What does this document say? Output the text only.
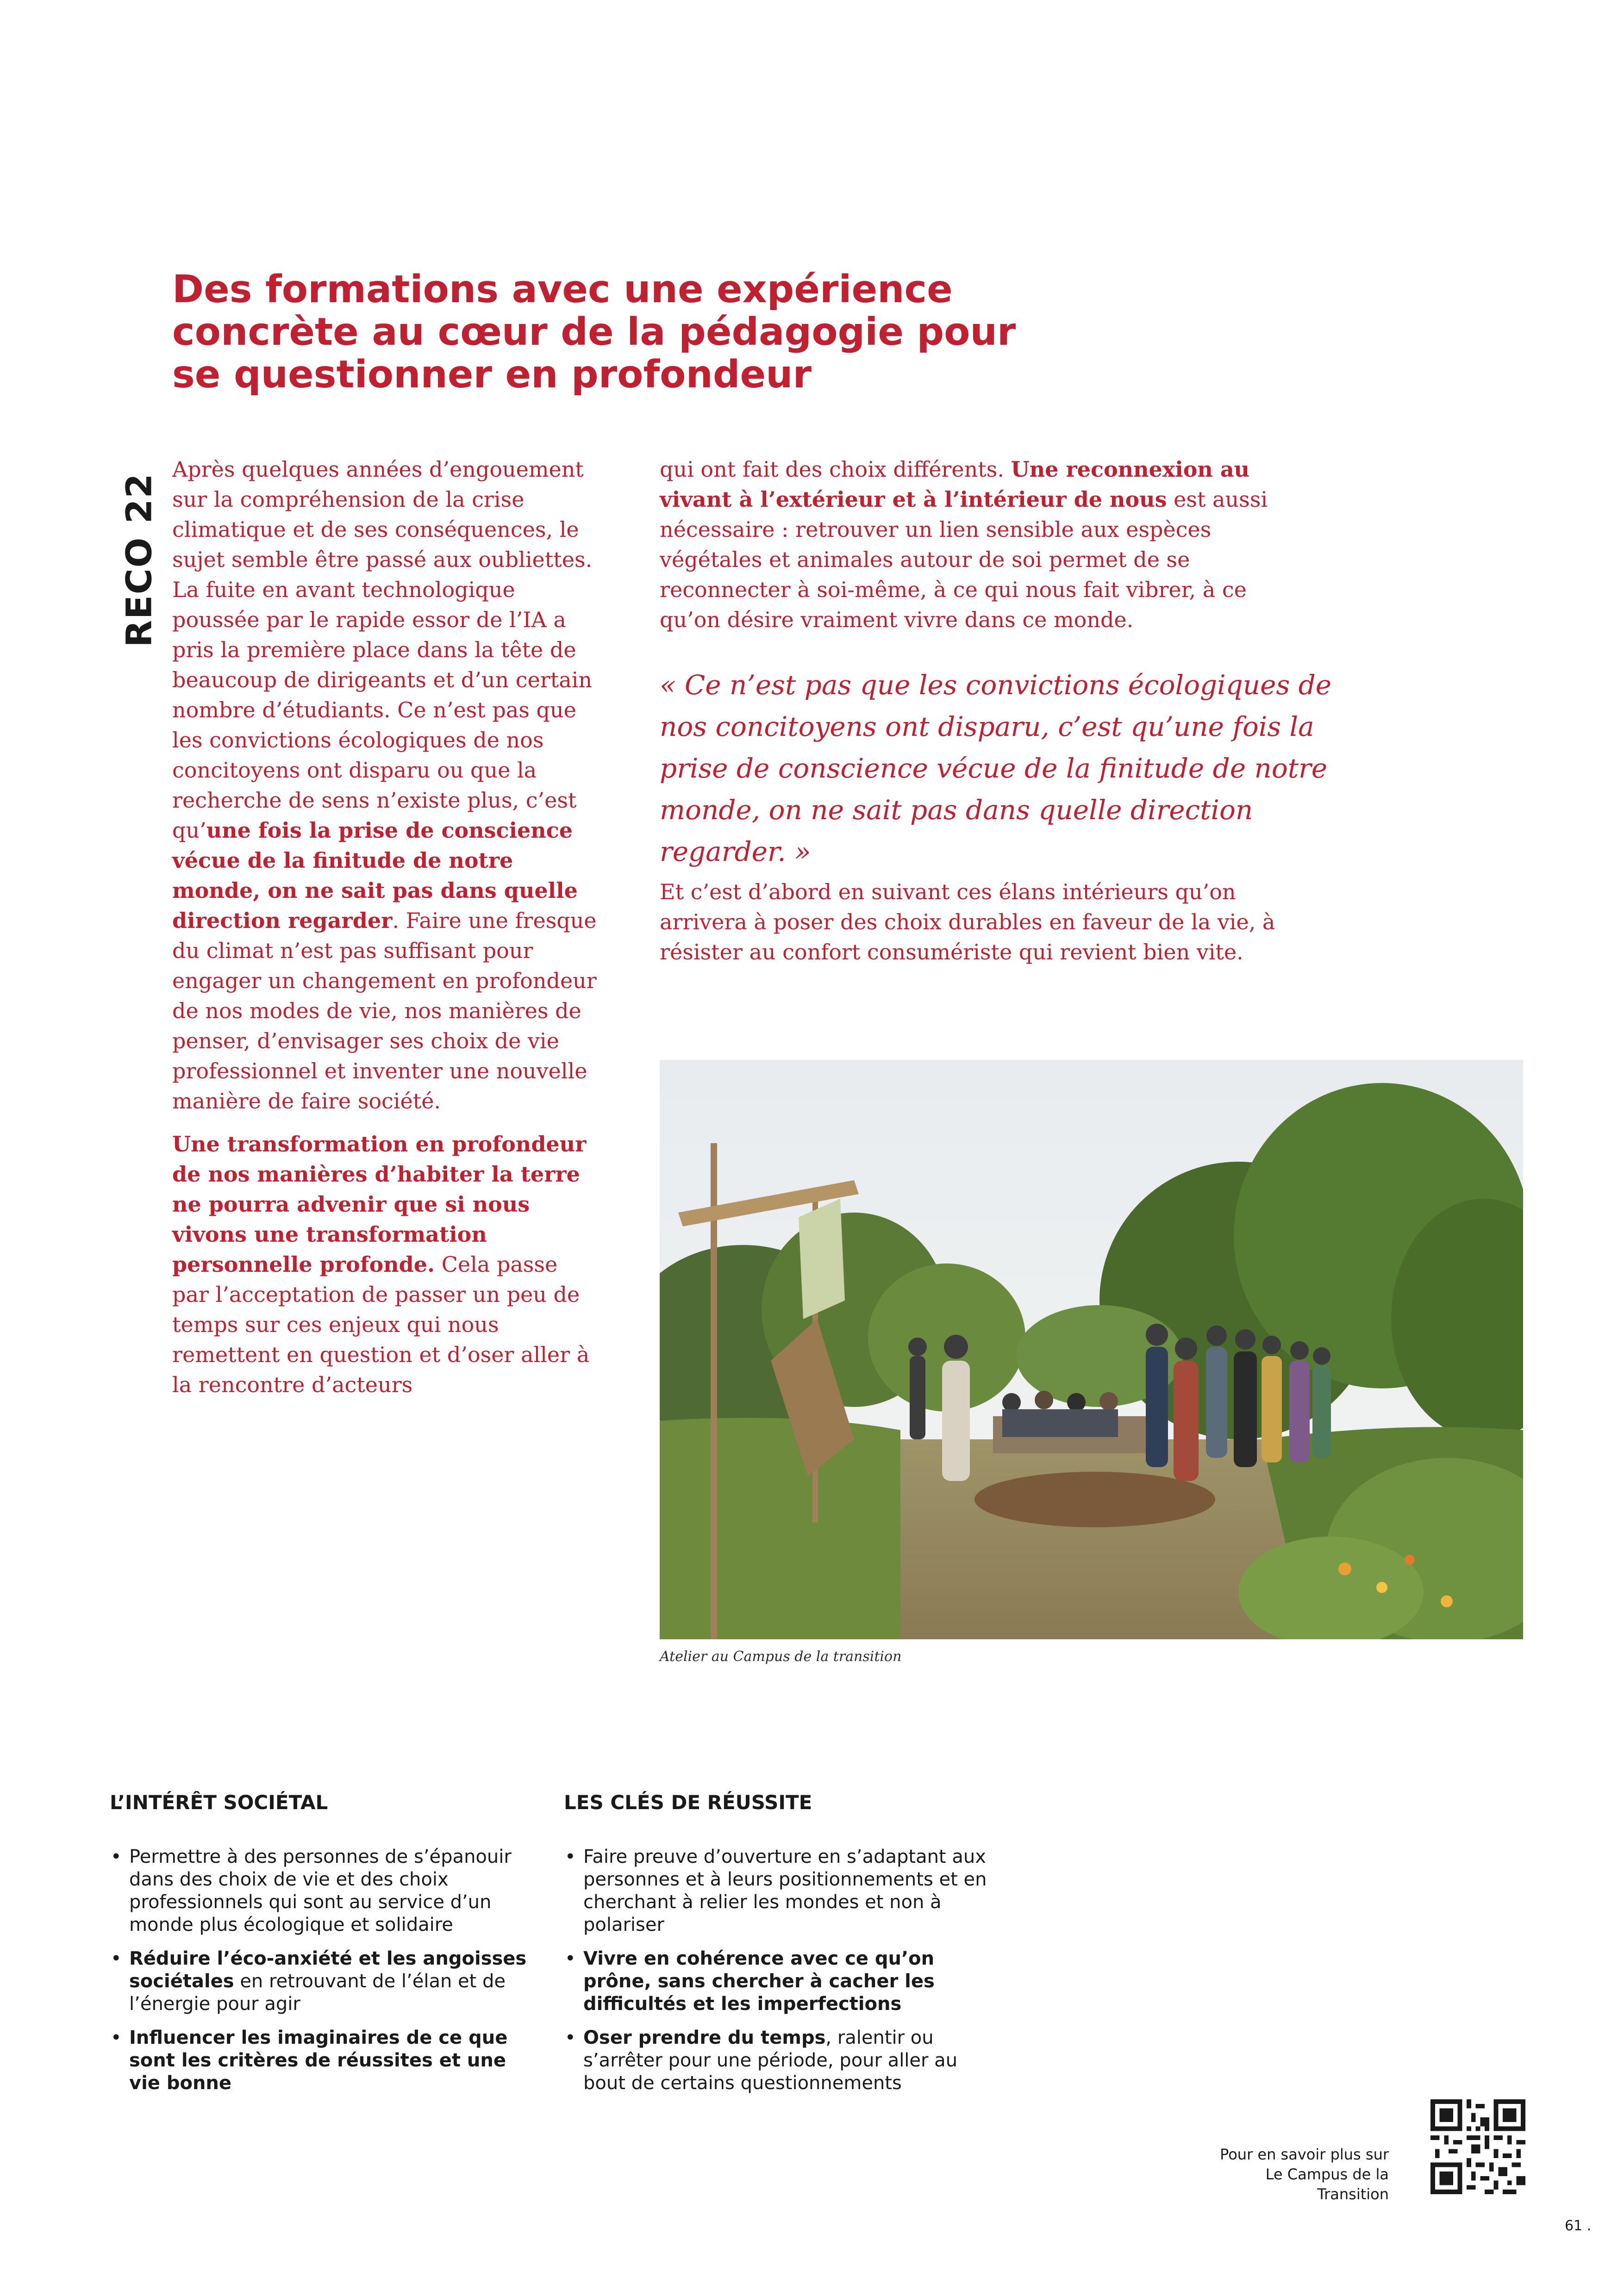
Des formations avec une expérience
concrète au cœur de la pédagogie pour
se questionner en profondeur
RECO 22

Après quelques années d’engouement sur la compréhension de la crise climatique et de ses conséquences, le sujet semble être passé aux oubliettes. La fuite en avant technologique poussée par le rapide essor de l’IA a pris la première place dans la tête de beaucoup de dirigeants et d’un certain nombre d’étudiants. Ce n’est pas que les convictions écologiques de nos concitoyens ont disparu ou que la recherche de sens n’existe plus, c’est qu’une fois la prise de conscience vécue de la finitude de notre monde, on ne sait pas dans quelle direction regarder. Faire une fresque du climat n’est pas suffisant pour engager un changement en profondeur de nos modes de vie, nos manières de penser, d’envisager ses choix de vie professionnel et inventer une nouvelle manière de faire société.

Une transformation en profondeur de nos manières d’habiter la terre ne pourra advenir que si nous vivons une transformation personnelle profonde. Cela passe par l’acceptation de passer un peu de temps sur ces enjeux qui nous remettent en question et d’oser aller à la rencontre d’acteurs

qui ont fait des choix différents. Une reconnexion au vivant à l’extérieur et à l’intérieur de nous est aussi nécessaire : retrouver un lien sensible aux espèces végétales et animales autour de soi permet de se reconnecter à soi-même, à ce qui nous fait vibrer, à ce qu’on désire vraiment vivre dans ce monde.

« Ce n’est pas que les convictions écologiques de nos concitoyens ont disparu, c’est qu’une fois la prise de conscience vécue de la finitude de notre monde, on ne sait pas dans quelle direction regarder. »
Et c’est d’abord en suivant ces élans intérieurs qu’on arrivera à poser des choix durables en faveur de la vie, à résister au confort consumériste qui revient bien vite.
Atelier au Campus de la transition
L’INTÉRÊT SOCIÉTAL
• Permettre à des personnes de s’épanouir dans des choix de vie et des choix professionnels qui sont au service d’un monde plus écologique et solidaire
• Réduire l’éco-anxiété et les angoisses sociétales en retrouvant de l’élan et de l’énergie pour agir
• Influencer les imaginaires de ce que sont les critères de réussites et une vie bonne
LES CLÉS DE RÉUSSITE
• Faire preuve d’ouverture en s’adaptant aux personnes et à leurs positionnements et en cherchant à relier les mondes et non à polariser
• Vivre en cohérence avec ce qu’on prône, sans chercher à cacher les difficultés et les imperfections
• Oser prendre du temps, ralentir ou s’arrêter pour une période, pour aller au bout de certains questionnements
Pour en savoir plus sur
Le Campus de la
Transition
61 .
